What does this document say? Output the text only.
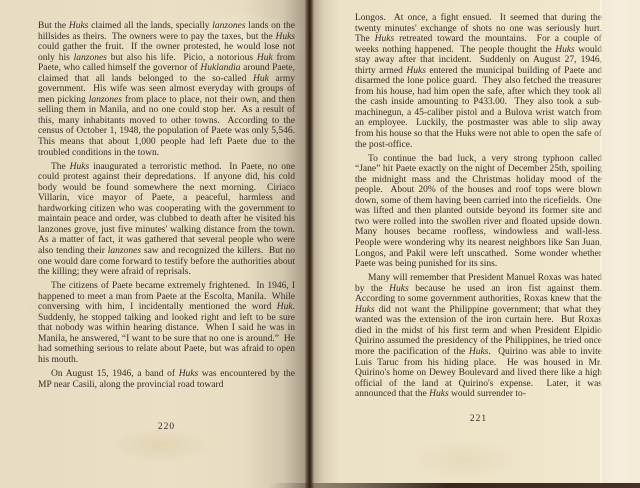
But the Huks claimed all the lands, specially lanzones lands on the hillsides as theirs.  The owners were to pay the taxes, but the Huks could gather the fruit.  If the owner protested, he would lose not only his lanzones but also his life.  Picio, a notorious Huk from Paete, who called himself the governor of Huklandia around Paete, claimed that all lands belonged to the so-called Huk army government.  His wife was seen almost everyday with groups of men picking lanzones from place to place, not their own, and then selling them in Manila, and no one could stop her.  As a result of this, many inhabitants moved to other towns.  According to the census of October 1, 1948, the population of Paete was only 5,546.  This means that about 1,000 people had left Paete due to the troubled conditions in the town.

The Huks inaugurated a terroristic method.  In Paete, no one could protest against their depredations.  If anyone did, his cold body would be found somewhere the next morning.  Ciriaco Villarin, vice mayor of Paete, a peaceful, harmless and hardworking citizen who was cooperating with the government to maintain peace and order, was clubbed to death after he visited his lanzones grove, just five minutes' walking distance from the town.  As a matter of fact, it was gathered that several people who were also tending their lanzones saw and recognized the killers.  But no one would dare come forward to testify before the authorities about the killing; they were afraid of reprisals.

The citizens of Paete became extremely frightened.  In 1946, I happened to meet a man from Paete at the Escolta, Manila.  While conversing with him, I incidentally mentioned the word Huk.  Suddenly, he stopped talking and looked right and left to be sure that nobody was within hearing distance.  When I said he was in Manila, he answered, “I want to be sure that no one is around.”  He had something serious to relate about Paete, but was afraid to open his mouth.

On August 15, 1946, a band of Huks was encountered by the MP near Casili, along the provincial road toward

220

Longos.  At once, a fight ensued.  It seemed that during the twenty minutes' exchange of shots no one was seriously hurt.  The Huks retreated toward the mountains.  For a couple of weeks nothing happened.  The people thought the Huks would stay away after that incident.  Suddenly on August 27, 1946, thirty armed Huks entered the municipal building of Paete and disarmed the lone police guard.  They also fetched the treasurer from his house, had him open the safe, after which they took all the cash inside amounting to P433.00.  They also took a sub-machinegun, a 45-caliber pistol and a Bulova wrist watch from an employee.  Luckily, the postmaster was able to slip away from his house so that the Huks were not able to open the safe of the post-office.

To continue the bad luck, a very strong typhoon called “Jane” hit Paete exactly on the night of December 25th, spoiling the midnight mass and the Christmas holiday mood of the people.  About 20% of the houses and roof tops were blown down, some of them having been carried into the ricefields.  One was lifted and then planted outside beyond its former site and two were rolled into the swollen river and floated upside down.  Many houses became roofless, windowless and wall-less.  People were wondering why its nearest neighbors like San Juan, Longos, and Pakil were left unscathed.  Some wonder whether Paete was being punished for its sins.

Many will remember that President Manuel Roxas was hated by the Huks because he used an iron fist against them.  According to some government authorities, Roxas knew that the Huks did not want the Philippine government; that what they wanted was the extension of the iron curtain here.  But Roxas died in the midst of his first term and when President Elpidio Quirino assumed the presidency of the Philippines, he tried once more the pacification of the Huks.  Quirino was able to invite Luis Taruc from his hiding place.  He was housed in Mr. Quirino's home on Dewey Boulevard and lived there like a high official of the land at Quirino's expense.  Later, it was announced that the Huks would surrender to-

221
